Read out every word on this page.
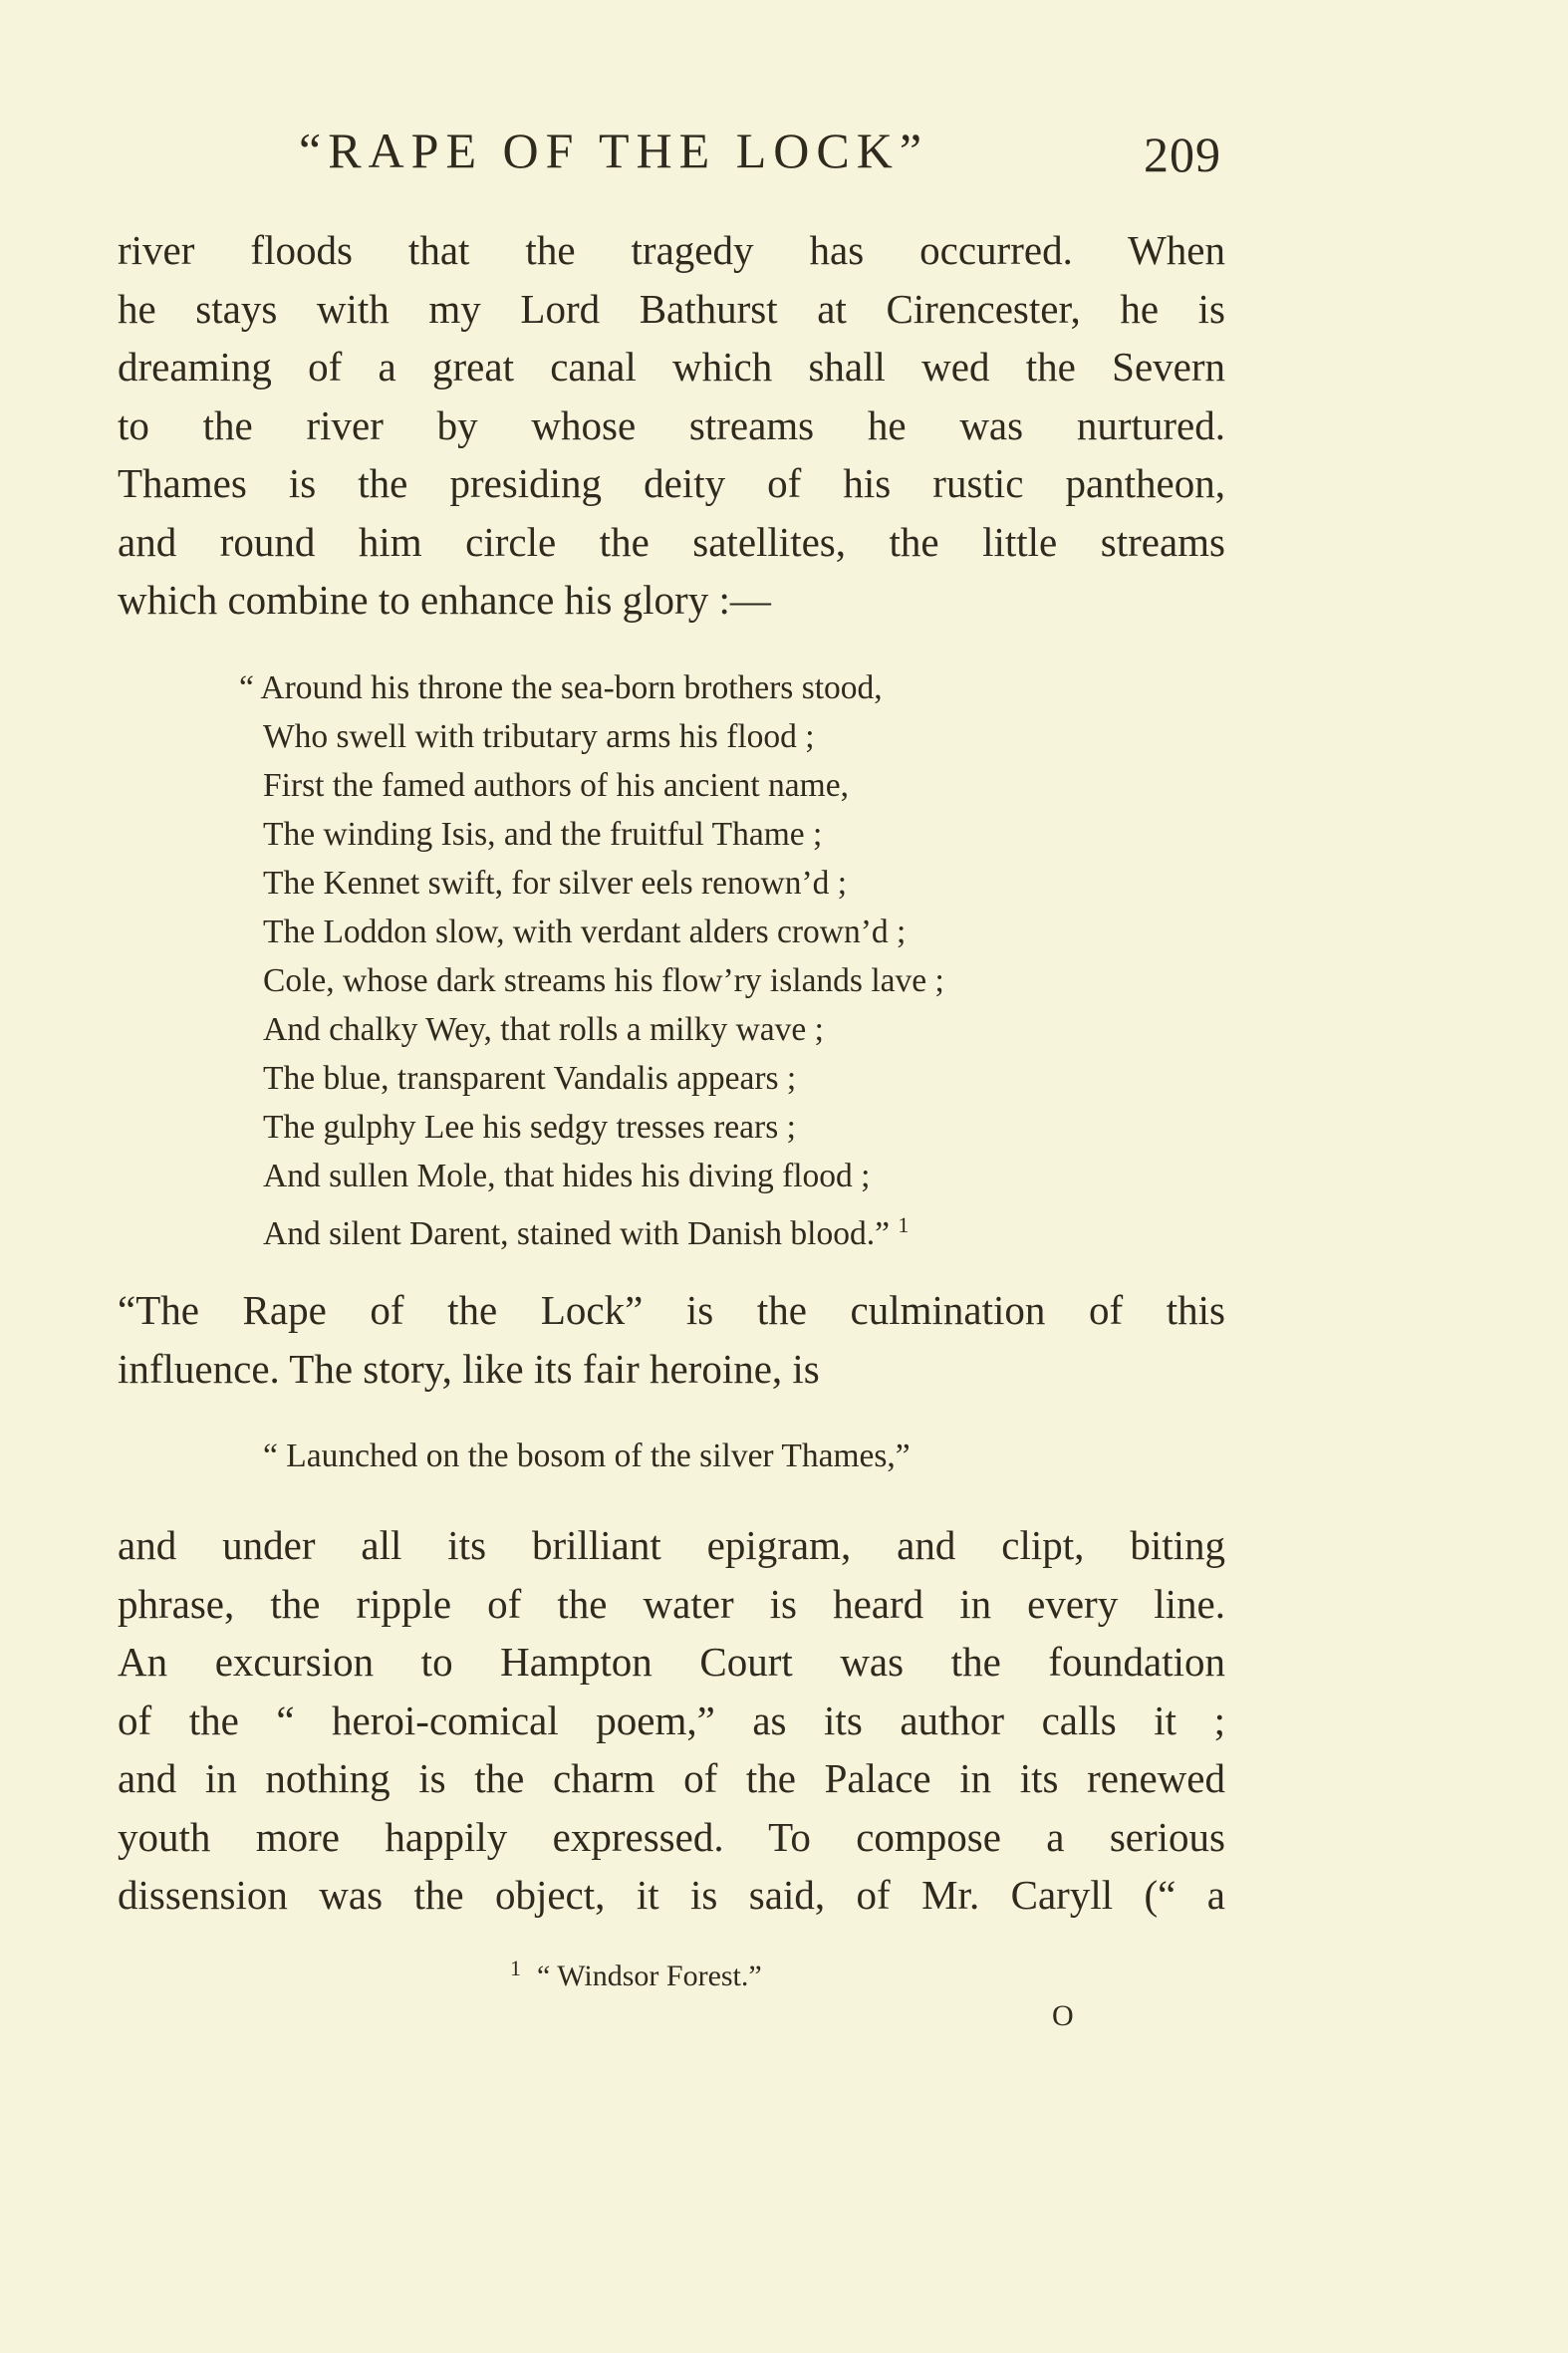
“RAPE OF THE LOCK”	209

river floods that the tragedy has occurred. When
he stays with my Lord Bathurst at Cirencester, he is
dreaming of a great canal which shall wed the Severn
to the river by whose streams he was nurtured.
Thames is the presiding deity of his rustic pantheon,
and round him circle the satellites, the little streams
which combine to enhance his glory :—

“ Around his throne the sea-born brothers stood,
Who swell with tributary arms his flood ;
First the famed authors of his ancient name,
The winding Isis, and the fruitful Thame ;
The Kennet swift, for silver eels renown’d ;
The Loddon slow, with verdant alders crown’d ;
Cole, whose dark streams his flow’ry islands lave ;
And chalky Wey, that rolls a milky wave ;
The blue, transparent Vandalis appears ;
The gulphy Lee his sedgy tresses rears ;
And sullen Mole, that hides his diving flood ;
And silent Darent, stained with Danish blood.” $^1$

“The Rape of the Lock” is the culmination of this
influence. The story, like its fair heroine, is

“ Launched on the bosom of the silver Thames,”

and under all its brilliant epigram, and clipt, biting
phrase, the ripple of the water is heard in every line.
An excursion to Hampton Court was the foundation
of the “ heroi-comical poem,” as its author calls it ;
and in nothing is the charm of the Palace in its renewed
youth more happily expressed. To compose a serious
dissension was the object, it is said, of Mr. Caryll (“ a

$^1$ “ Windsor Forest.”
O
